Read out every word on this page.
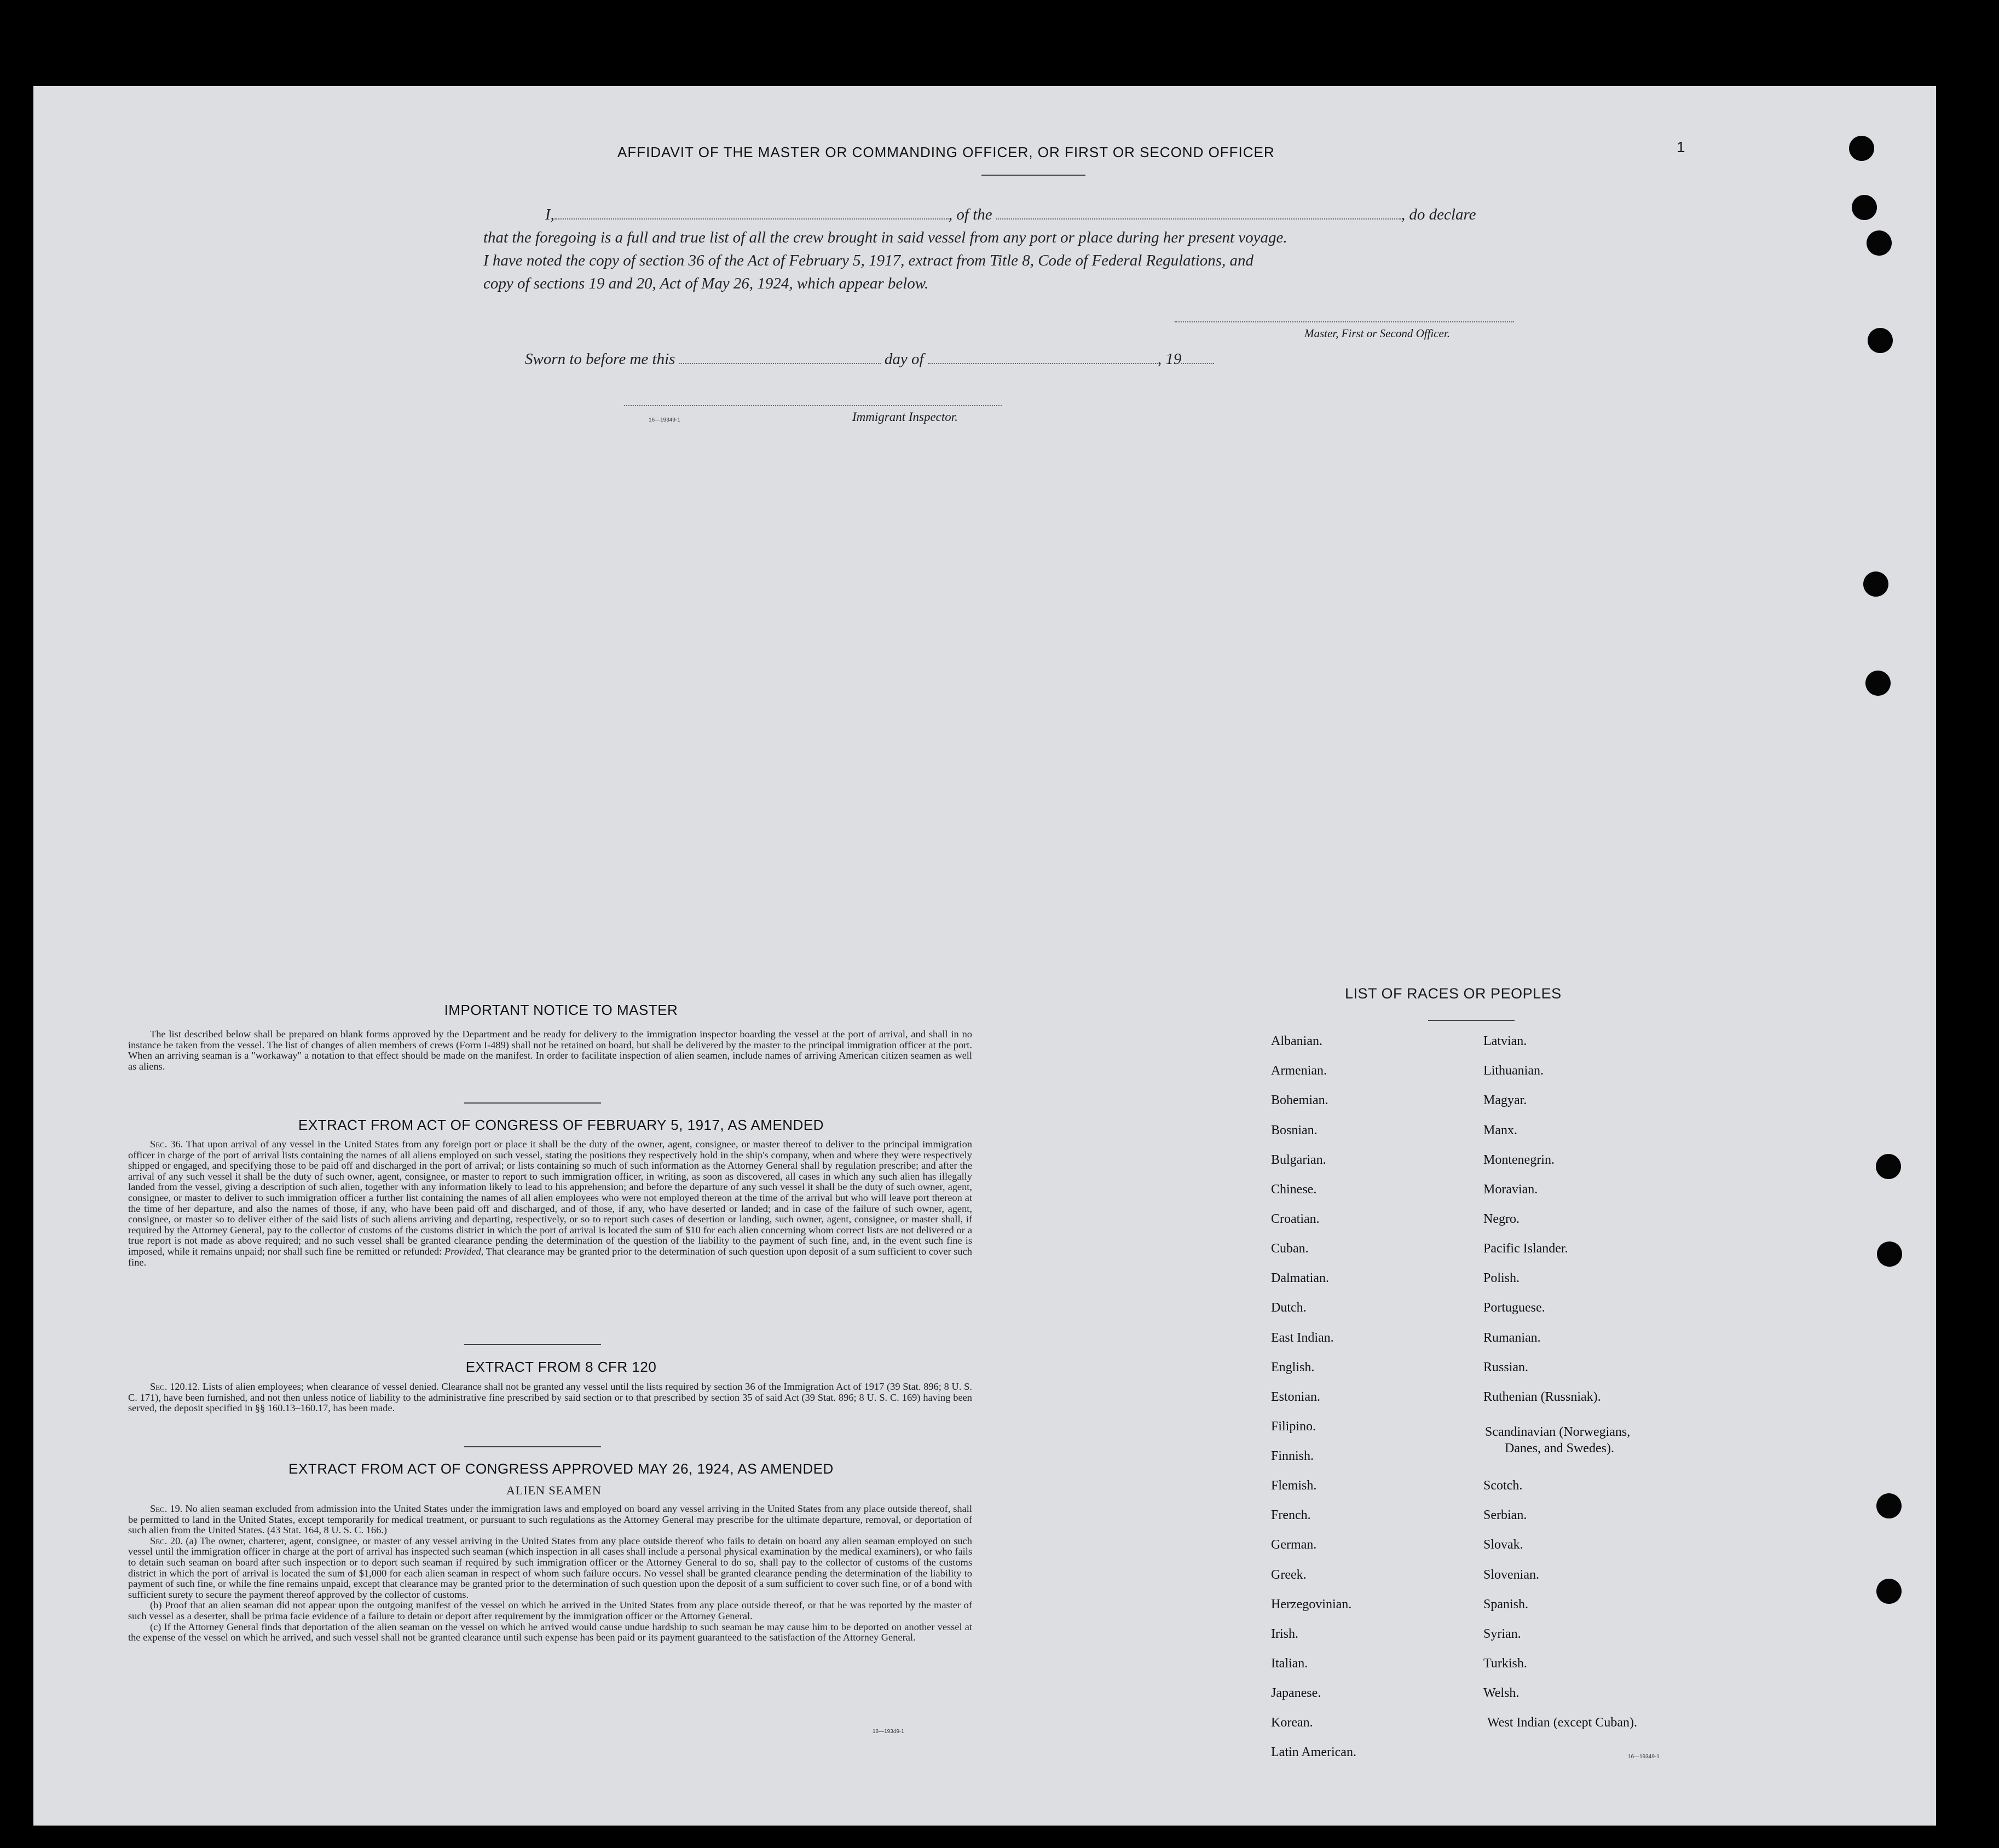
AFFIDAVIT OF THE MASTER OR COMMANDING OFFICER, OR FIRST OR SECOND OFFICER	1
I,	, of the	, do declare
that the foregoing is a full and true list of all the crew brought in said vessel from any port or place during her present voyage.
I have noted the copy of section 36 of the Act of February 5, 1917, extract from Title 8, Code of Federal Regulations, and
copy of sections 19 and 20, Act of May 26, 1924, which appear below.
Master, First or Second Officer.
Sworn to before me this	day of	, 19
16—19349-1	Immigrant Inspector.
IMPORTANT NOTICE TO MASTER

The list described below shall be prepared on blank forms approved by the Department and be ready for delivery to the immigration inspector boarding the vessel at the port of arrival, and shall in no instance be taken from the vessel. The list of changes of alien members of crews (Form I-489) shall not be retained on board, but shall be delivered by the master to the principal immigration officer at the port. When an arriving seaman is a "workaway" a notation to that effect should be made on the manifest. In order to facilitate inspection of alien seamen, include names of arriving American citizen seamen as well as aliens.

EXTRACT FROM ACT OF CONGRESS OF FEBRUARY 5, 1917, AS AMENDED

Sec. 36. That upon arrival of any vessel in the United States from any foreign port or place it shall be the duty of the owner, agent, consignee, or master thereof to deliver to the principal immigration officer in charge of the port of arrival lists containing the names of all aliens employed on such vessel, stating the positions they respectively hold in the ship's company, when and where they were respectively shipped or engaged, and specifying those to be paid off and discharged in the port of arrival; or lists containing so much of such information as the Attorney General shall by regulation prescribe; and after the arrival of any such vessel it shall be the duty of such owner, agent, consignee, or master to report to such immigration officer, in writing, as soon as discovered, all cases in which any such alien has illegally landed from the vessel, giving a description of such alien, together with any information likely to lead to his apprehension; and before the departure of any such vessel it shall be the duty of such owner, agent, consignee, or master to deliver to such immigration officer a further list containing the names of all alien employees who were not employed thereon at the time of the arrival but who will leave port thereon at the time of her departure, and also the names of those, if any, who have been paid off and discharged, and of those, if any, who have deserted or landed; and in case of the failure of such owner, agent, consignee, or master so to deliver either of the said lists of such aliens arriving and departing, respectively, or so to report such cases of desertion or landing, such owner, agent, consignee, or master shall, if required by the Attorney General, pay to the collector of customs of the customs district in which the port of arrival is located the sum of $10 for each alien concerning whom correct lists are not delivered or a true report is not made as above required; and no such vessel shall be granted clearance pending the determination of the question of the liability to the payment of such fine, and, in the event such fine is imposed, while it remains unpaid; nor shall such fine be remitted or refunded: Provided, That clearance may be granted prior to the determination of such question upon deposit of a sum sufficient to cover such fine.

EXTRACT FROM 8 CFR 120

Sec. 120.12. Lists of alien employees; when clearance of vessel denied. Clearance shall not be granted any vessel until the lists required by section 36 of the Immigration Act of 1917 (39 Stat. 896; 8 U. S. C. 171), have been furnished, and not then unless notice of liability to the administrative fine prescribed by said section or to that prescribed by section 35 of said Act (39 Stat. 896; 8 U. S. C. 169) having been served, the deposit specified in §§ 160.13–160.17, has been made.

EXTRACT FROM ACT OF CONGRESS APPROVED MAY 26, 1924, AS AMENDED
ALIEN SEAMEN

Sec. 19. No alien seaman excluded from admission into the United States under the immigration laws and employed on board any vessel arriving in the United States from any place outside thereof, shall be permitted to land in the United States, except temporarily for medical treatment, or pursuant to such regulations as the Attorney General may prescribe for the ultimate departure, removal, or deportation of such alien from the United States. (43 Stat. 164, 8 U. S. C. 166.)

Sec. 20. (a) The owner, charterer, agent, consignee, or master of any vessel arriving in the United States from any place outside thereof who fails to detain on board any alien seaman employed on such vessel until the immigration officer in charge at the port of arrival has inspected such seaman (which inspection in all cases shall include a personal physical examination by the medical examiners), or who fails to detain such seaman on board after such inspection or to deport such seaman if required by such immigration officer or the Attorney General to do so, shall pay to the collector of customs of the customs district in which the port of arrival is located the sum of $1,000 for each alien seaman in respect of whom such failure occurs. No vessel shall be granted clearance pending the determination of the liability to payment of such fine, or while the fine remains unpaid, except that clearance may be granted prior to the determination of such question upon the deposit of a sum sufficient to cover such fine, or of a bond with sufficient surety to secure the payment thereof approved by the collector of customs.

(b) Proof that an alien seaman did not appear upon the outgoing manifest of the vessel on which he arrived in the United States from any place outside thereof, or that he was reported by the master of such vessel as a deserter, shall be prima facie evidence of a failure to detain or deport after requirement by the immigration officer or the Attorney General.

(c) If the Attorney General finds that deportation of the alien seaman on the vessel on which he arrived would cause undue hardship to such seaman he may cause him to be deported on another vessel at the expense of the vessel on which he arrived, and such vessel shall not be granted clearance until such expense has been paid or its payment guaranteed to the satisfaction of the Attorney General.

16—19349-1
LIST OF RACES OR PEOPLES
Albanian.
Armenian.
Bohemian.
Bosnian.
Bulgarian.
Chinese.
Croatian.
Cuban.
Dalmatian.
Dutch.
East Indian.
English.
Estonian.
Filipino.
Finnish.
Flemish.
French.
German.
Greek.
Herzegovinian.
Irish.
Italian.
Japanese.
Korean.
Latin American.
Latvian.
Lithuanian.
Magyar.
Manx.
Montenegrin.
Moravian.
Negro.
Pacific Islander.
Polish.
Portuguese.
Rumanian.
Russian.
Ruthenian (Russniak).
Scandinavian (Norwegians,
Danes, and Swedes).
Scotch.
Serbian.
Slovak.
Slovenian.
Spanish.
Syrian.
Turkish.
Welsh.
West Indian (except Cuban).
16—19349-1
